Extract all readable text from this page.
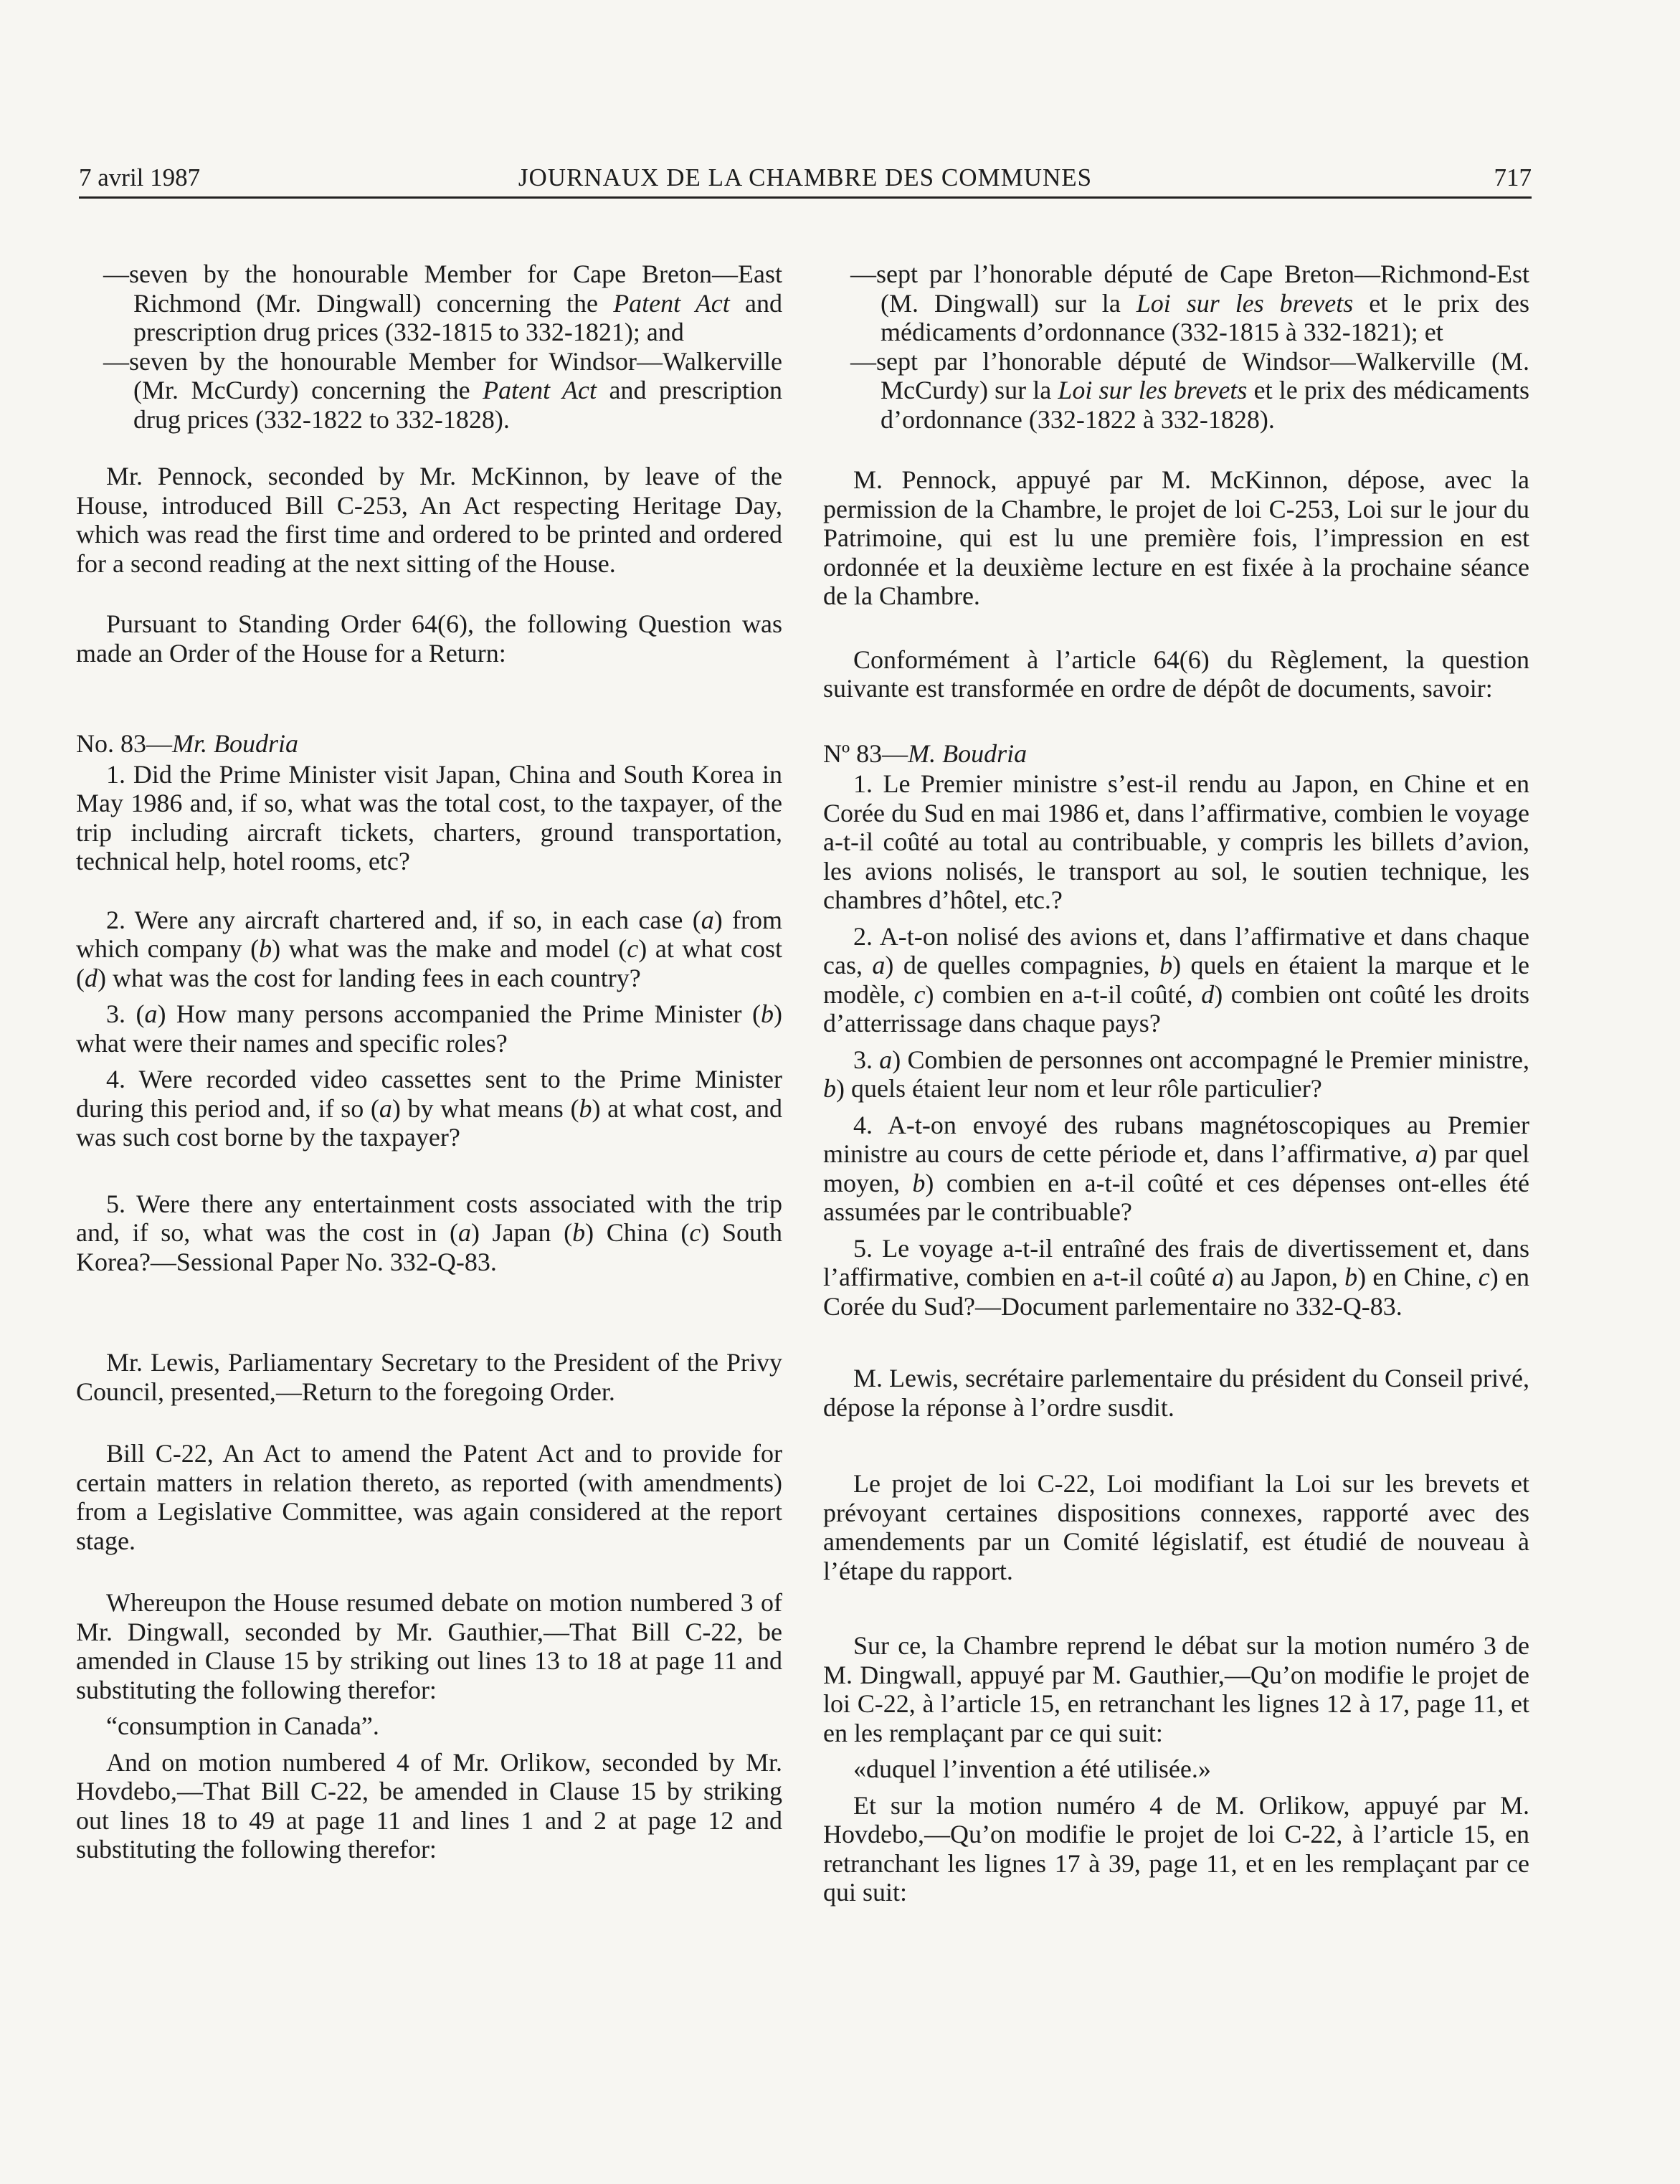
7 avril 1987	JOURNAUX DE LA CHAMBRE DES COMMUNES	717

—seven by the honourable Member for Cape Breton—East Richmond (Mr. Dingwall) concerning the Patent Act and prescription drug prices (332-1815 to 332-1821); and

—seven by the honourable Member for Windsor—Walkerville (Mr. McCurdy) concerning the Patent Act and prescription drug prices (332-1822 to 332-1828).

Mr. Pennock, seconded by Mr. McKinnon, by leave of the House, introduced Bill C-253, An Act respecting Heritage Day, which was read the first time and ordered to be printed and ordered for a second reading at the next sitting of the House.

Pursuant to Standing Order 64(6), the following Question was made an Order of the House for a Return:

No. 83—Mr. Boudria

1. Did the Prime Minister visit Japan, China and South Korea in May 1986 and, if so, what was the total cost, to the taxpayer, of the trip including aircraft tickets, charters, ground transportation, technical help, hotel rooms, etc?

2. Were any aircraft chartered and, if so, in each case (a) from which company (b) what was the make and model (c) at what cost (d) what was the cost for landing fees in each country?

3. (a) How many persons accompanied the Prime Minister (b) what were their names and specific roles?

4. Were recorded video cassettes sent to the Prime Minister during this period and, if so (a) by what means (b) at what cost, and was such cost borne by the taxpayer?

5. Were there any entertainment costs associated with the trip and, if so, what was the cost in (a) Japan (b) China (c) South Korea?—Sessional Paper No. 332-Q-83.

Mr. Lewis, Parliamentary Secretary to the President of the Privy Council, presented,—Return to the foregoing Order.

Bill C-22, An Act to amend the Patent Act and to provide for certain matters in relation thereto, as reported (with amendments) from a Legislative Committee, was again considered at the report stage.

Whereupon the House resumed debate on motion numbered 3 of Mr. Dingwall, seconded by Mr. Gauthier,—That Bill C-22, be amended in Clause 15 by striking out lines 13 to 18 at page 11 and substituting the following therefor:

“consumption in Canada”.

And on motion numbered 4 of Mr. Orlikow, seconded by Mr. Hovdebo,—That Bill C-22, be amended in Clause 15 by striking out lines 18 to 49 at page 11 and lines 1 and 2 at page 12 and substituting the following therefor:

—sept par l’honorable député de Cape Breton—Richmond-Est (M. Dingwall) sur la Loi sur les brevets et le prix des médicaments d’ordonnance (332-1815 à 332-1821); et

—sept par l’honorable député de Windsor—Walkerville (M. McCurdy) sur la Loi sur les brevets et le prix des médicaments d’ordonnance (332-1822 à 332-1828).

M. Pennock, appuyé par M. McKinnon, dépose, avec la permission de la Chambre, le projet de loi C-253, Loi sur le jour du Patrimoine, qui est lu une première fois, l’impression en est ordonnée et la deuxième lecture en est fixée à la prochaine séance de la Chambre.

Conformément à l’article 64(6) du Règlement, la question suivante est transformée en ordre de dépôt de documents, savoir:

Nº 83—M. Boudria

1. Le Premier ministre s’est-il rendu au Japon, en Chine et en Corée du Sud en mai 1986 et, dans l’affirmative, combien le voyage a-t-il coûté au total au contribuable, y compris les billets d’avion, les avions nolisés, le transport au sol, le soutien technique, les chambres d’hôtel, etc.?

2. A-t-on nolisé des avions et, dans l’affirmative et dans chaque cas, a) de quelles compagnies, b) quels en étaient la marque et le modèle, c) combien en a-t-il coûté, d) combien ont coûté les droits d’atterrissage dans chaque pays?

3. a) Combien de personnes ont accompagné le Premier ministre, b) quels étaient leur nom et leur rôle particulier?

4. A-t-on envoyé des rubans magnétoscopiques au Premier ministre au cours de cette période et, dans l’affirmative, a) par quel moyen, b) combien en a-t-il coûté et ces dépenses ont-elles été assumées par le contribuable?

5. Le voyage a-t-il entraîné des frais de divertissement et, dans l’affirmative, combien en a-t-il coûté a) au Japon, b) en Chine, c) en Corée du Sud?—Document parlementaire no 332-Q-83.

M. Lewis, secrétaire parlementaire du président du Conseil privé, dépose la réponse à l’ordre susdit.

Le projet de loi C-22, Loi modifiant la Loi sur les brevets et prévoyant certaines dispositions connexes, rapporté avec des amendements par un Comité législatif, est étudié de nouveau à l’étape du rapport.

Sur ce, la Chambre reprend le débat sur la motion numéro 3 de M. Dingwall, appuyé par M. Gauthier,—Qu’on modifie le projet de loi C-22, à l’article 15, en retranchant les lignes 12 à 17, page 11, et en les remplaçant par ce qui suit:

«duquel l’invention a été utilisée.»

Et sur la motion numéro 4 de M. Orlikow, appuyé par M. Hovdebo,—Qu’on modifie le projet de loi C-22, à l’article 15, en retranchant les lignes 17 à 39, page 11, et en les remplaçant par ce qui suit:
